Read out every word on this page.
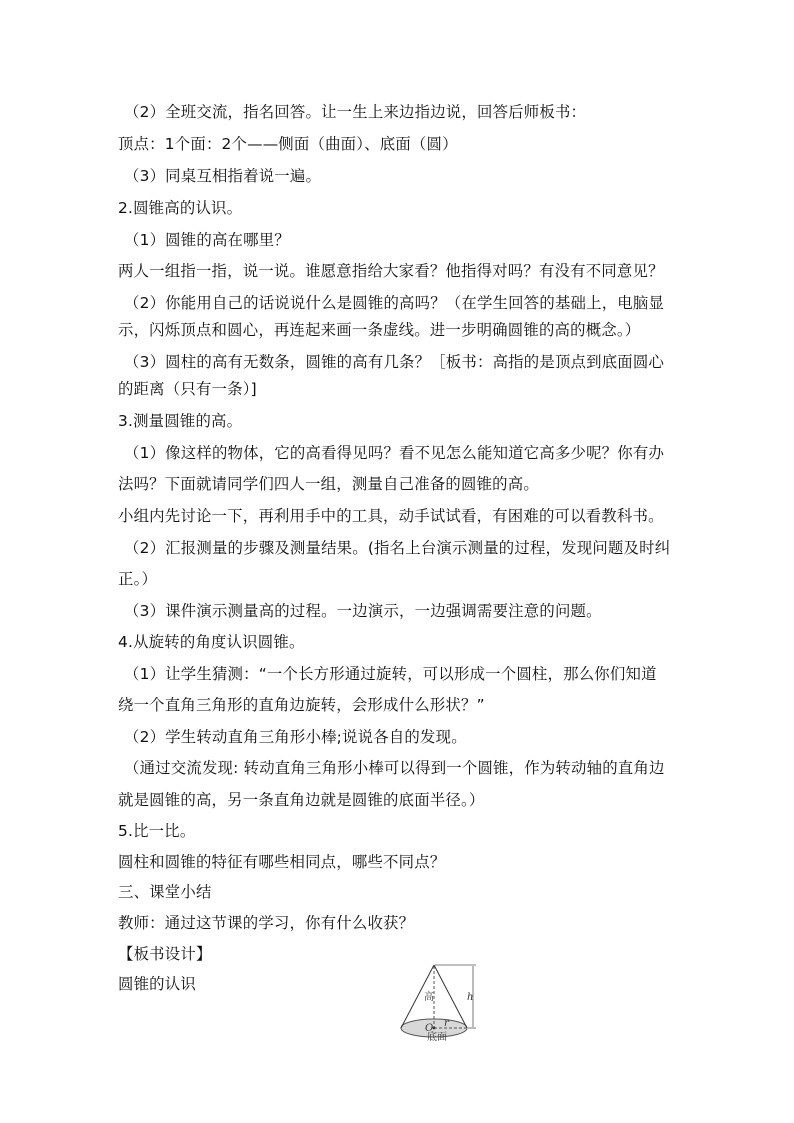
（2）全班交流，指名回答。让一生上来边指边说，回答后师板书：
顶点：1个面：2个——侧面（曲面）、底面（圆）
（3）同桌互相指着说一遍。
2.圆锥高的认识。
（1）圆锥的高在哪里？
两人一组指一指，说一说。谁愿意指给大家看？他指得对吗？有没有不同意见？
（2）你能用自己的话说说什么是圆锥的高吗？（在学生回答的基础上，电脑显
示，闪烁顶点和圆心，再连起来画一条虚线。进一步明确圆锥的高的概念。）
（3）圆柱的高有无数条，圆锥的高有几条？［板书：高指的是顶点到底面圆心
的距离（只有一条）]
3.测量圆锥的高。
（1）像这样的物体，它的高看得见吗？看不见怎么能知道它高多少呢？你有办
法吗？下面就请同学们四人一组，测量自己准备的圆锥的高。
小组内先讨论一下，再利用手中的工具，动手试试看，有困难的可以看教科书。
（2）汇报测量的步骤及测量结果。(指名上台演示测量的过程，发现问题及时纠
正。）
（3）课件演示测量高的过程。一边演示，一边强调需要注意的问题。
4.从旋转的角度认识圆锥。
（1）让学生猜测：“一个长方形通过旋转，可以形成一个圆柱，那么你们知道
绕一个直角三角形的直角边旋转，会形成什么形状？”
（2）学生转动直角三角形小棒;说说各自的发现。
（通过交流发现: 转动直角三角形小棒可以得到一个圆锥，作为转动轴的直角边
就是圆锥的高，另一条直角边就是圆锥的底面半径。）
5.比一比。
圆柱和圆锥的特征有哪些相同点，哪些不同点？
三、课堂小结
教师：通过这节课的学习，你有什么收获？
【板书设计】
圆锥的认识
高	h
r
O
底面
